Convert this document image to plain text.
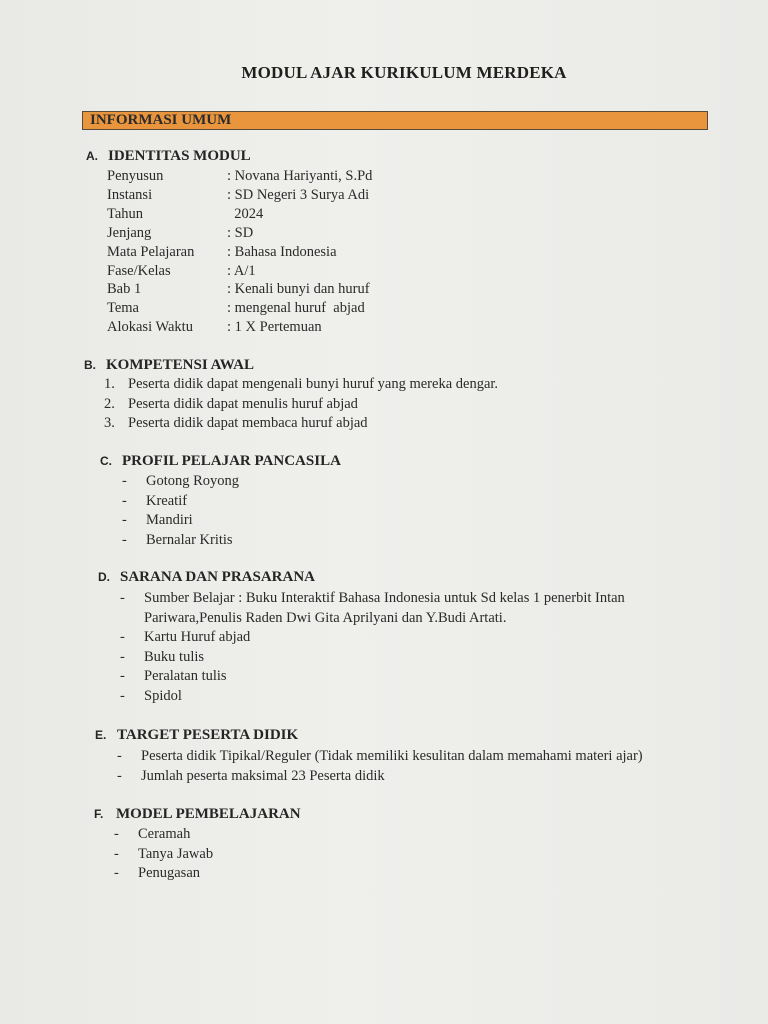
MODUL AJAR KURIKULUM MERDEKA
INFORMASI UMUM
A. IDENTITAS MODUL
Penyusun	: Novana Hariyanti, S.Pd
Instansi	: SD Negeri 3 Surya Adi
Tahun	2024
Jenjang	: SD
Mata Pelajaran	: Bahasa Indonesia
Fase/Kelas	: A/1
Bab 1	: Kenali bunyi dan huruf
Tema	: mengenal huruf  abjad
Alokasi Waktu	: 1 X Pertemuan
B. KOMPETENSI AWAL
1. Peserta didik dapat mengenali bunyi huruf yang mereka dengar.
2. Peserta didik dapat menulis huruf abjad
3. Peserta didik dapat membaca huruf abjad
C. PROFIL PELAJAR PANCASILA
-	Gotong Royong
-	Kreatif
-	Mandiri
-	Bernalar Kritis
D. SARANA DAN PRASARANA
-	Sumber Belajar : Buku Interaktif Bahasa Indonesia untuk Sd kelas 1 penerbit Intan
Pariwara,Penulis Raden Dwi Gita Aprilyani dan Y.Budi Artati.
-	Kartu Huruf abjad
-	Buku tulis
-	Peralatan tulis
-	Spidol
E. TARGET PESERTA DIDIK
-	Peserta didik Tipikal/Reguler (Tidak memiliki kesulitan dalam memahami materi ajar)
-	Jumlah peserta maksimal 23 Peserta didik
F. MODEL PEMBELAJARAN
-	Ceramah
-	Tanya Jawab
-	Penugasan
